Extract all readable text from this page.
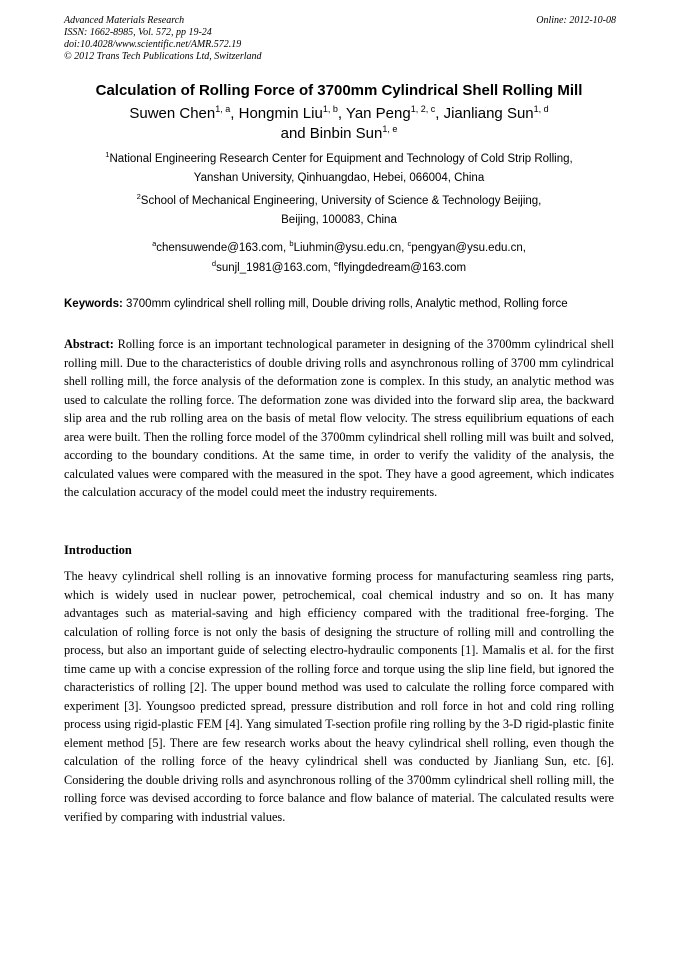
Advanced Materials Research
ISSN: 1662-8985, Vol. 572, pp 19-24
doi:10.4028/www.scientific.net/AMR.572.19
© 2012 Trans Tech Publications Ltd, Switzerland
Online: 2012-10-08
Calculation of Rolling Force of 3700mm Cylindrical Shell Rolling Mill
Suwen Chen$^{1, a}$, Hongmin Liu$^{1, b}$, Yan Peng$^{1, 2, c}$, Jianliang Sun$^{1, d}$
and Binbin Sun$^{1, e}$
$^1$National Engineering Research Center for Equipment and Technology of Cold Strip Rolling,
Yanshan University, Qinhuangdao, Hebei, 066004, China
$^2$School of Mechanical Engineering, University of Science & Technology Beijing,
Beijing, 100083, China
$^a$chensuwende@163.com, $^b$Liuhmin@ysu.edu.cn, $^c$pengyan@ysu.edu.cn,
$^d$sunjl_1981@163.com, $^e$flyingdedream@163.com
Keywords: 3700mm cylindrical shell rolling mill, Double driving rolls, Analytic method, Rolling force
Abstract: Rolling force is an important technological parameter in designing of the 3700mm cylindrical shell rolling mill. Due to the characteristics of double driving rolls and asynchronous rolling of 3700 mm cylindrical shell rolling mill, the force analysis of the deformation zone is complex. In this study, an analytic method was used to calculate the rolling force. The deformation zone was divided into the forward slip area, the backward slip area and the rub rolling area on the basis of metal flow velocity. The stress equilibrium equations of each area were built. Then the rolling force model of the 3700mm cylindrical shell rolling mill was built and solved, according to the boundary conditions. At the same time, in order to verify the validity of the analysis, the calculated values were compared with the measured in the spot. They have a good agreement, which indicates the calculation accuracy of the model could meet the industry requirements.
Introduction
The heavy cylindrical shell rolling is an innovative forming process for manufacturing seamless ring parts, which is widely used in nuclear power, petrochemical, coal chemical industry and so on. It has many advantages such as material-saving and high efficiency compared with the traditional free-forging. The calculation of rolling force is not only the basis of designing the structure of rolling mill and controlling the process, but also an important guide of selecting electro-hydraulic components [1]. Mamalis et al. for the first time came up with a concise expression of the rolling force and torque using the slip line field, but ignored the characteristics of rolling [2]. The upper bound method was used to calculate the rolling force compared with experiment [3]. Youngsoo predicted spread, pressure distribution and roll force in hot and cold ring rolling process using rigid-plastic FEM [4]. Yang simulated T-section profile ring rolling by the 3-D rigid-plastic finite element method [5]. There are few research works about the heavy cylindrical shell rolling, even though the calculation of the rolling force of the heavy cylindrical shell was conducted by Jianliang Sun, etc. [6]. Considering the double driving rolls and asynchronous rolling of the 3700mm cylindrical shell rolling mill, the rolling force was devised according to force balance and flow balance of material. The calculated results were verified by comparing with industrial values.
